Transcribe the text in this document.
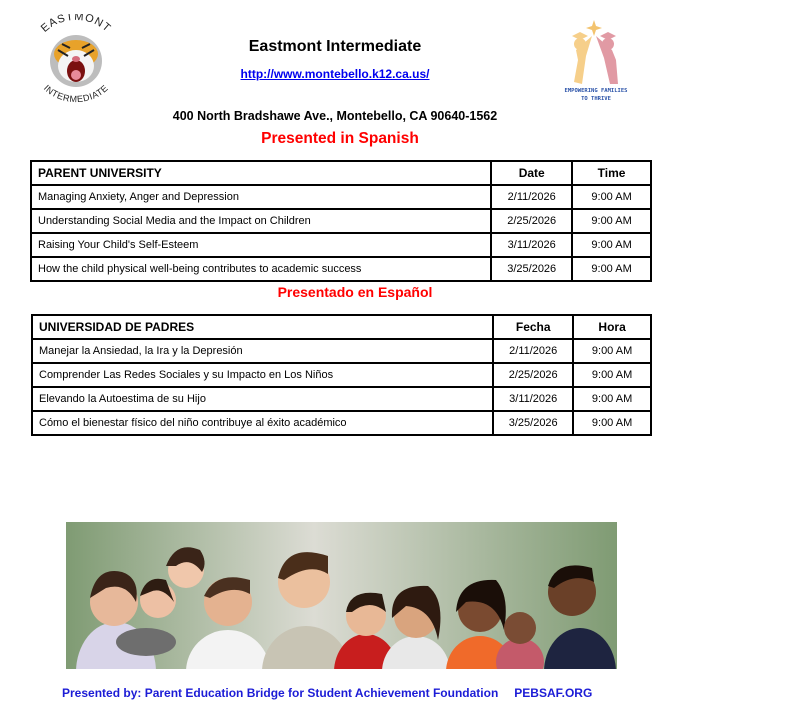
EASTMONT
INTERMEDIATE
Eastmont Intermediate
http://www.montebello.k12.ca.us/
EMPOWERING FAMILIES
TO THRIVE
400 North Bradshawe Ave., Montebello, CA 90640-1562
Presented in Spanish
PARENT UNIVERSITY	Date	Time
Managing Anxiety, Anger and Depression	2/11/2026	9:00 AM
Understanding Social Media and the Impact on Children	2/25/2026	9:00 AM
Raising Your Child's Self-Esteem	3/11/2026	9:00 AM
How the child physical well-being contributes to academic success	3/25/2026	9:00 AM
Presentado en Español
UNIVERSIDAD DE PADRES	Fecha	Hora
Manejar la Ansiedad, la Ira y la Depresión	2/11/2026	9:00 AM
Comprender Las Redes Sociales y su Impacto en Los Niños	2/25/2026	9:00 AM
Elevando la Autoestima de su Hijo	3/11/2026	9:00 AM
Cómo el bienestar físico del niño contribuye al éxito académico	3/25/2026	9:00 AM
Presented by: Parent Education Bridge for Student Achievement Foundation PEBSAF.ORG
